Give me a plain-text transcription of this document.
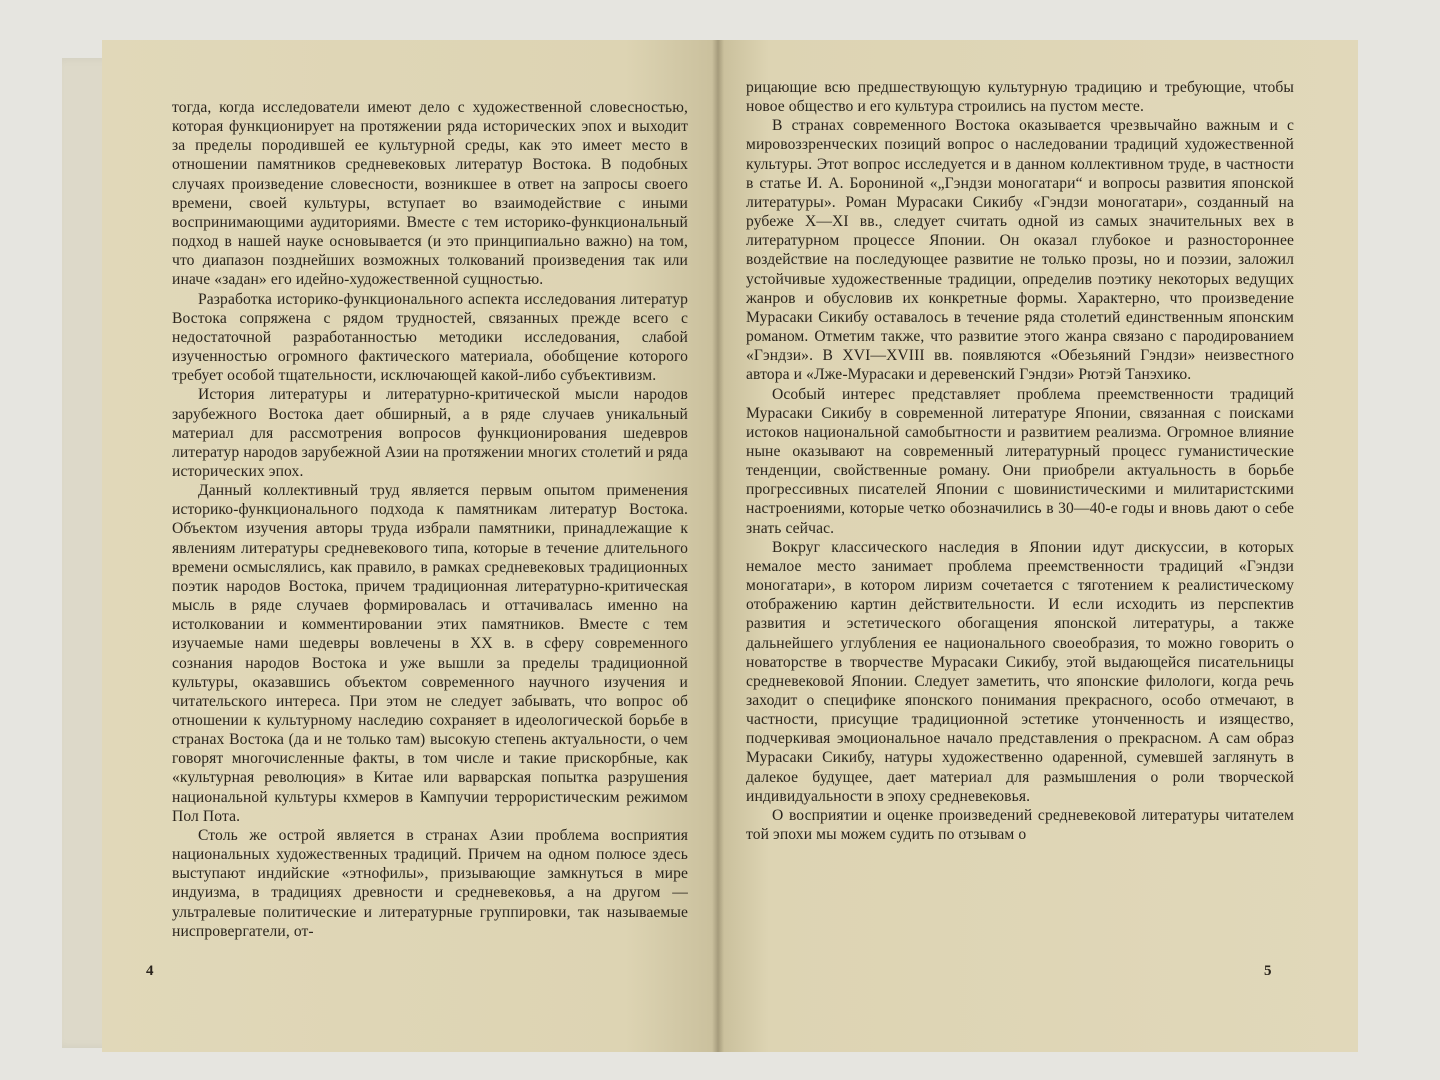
тогда, когда исследователи имеют дело с художественной словесностью, которая функционирует на протяжении ряда исторических эпох и выходит за пределы породившей ее культурной среды, как это имеет место в отношении памятников средневековых литератур Востока. В подобных случаях произведение словесности, возникшее в ответ на запросы своего времени, своей культуры, вступает во взаимодействие с иными воспринимающими аудиториями. Вместе с тем историко-функциональный подход в нашей науке основывается (и это принципиально важно) на том, что диапазон позднейших возможных толкований произведения так или иначе «задан» его идейно-художественной сущностью.

Разработка историко-функционального аспекта исследования литератур Востока сопряжена с рядом трудностей, связанных прежде всего с недостаточной разработанностью методики исследования, слабой изученностью огромного фактического материала, обобщение которого требует особой тщательности, исключающей какой-либо субъективизм.

История литературы и литературно-критической мысли народов зарубежного Востока дает обширный, а в ряде случаев уникальный материал для рассмотрения вопросов функционирования шедевров литератур народов зарубежной Азии на протяжении многих столетий и ряда исторических эпох.

Данный коллективный труд является первым опытом применения историко-функционального подхода к памятникам литератур Востока. Объектом изучения авторы труда избрали памятники, принадлежащие к явлениям литературы средневекового типа, которые в течение длительного времени осмыслялись, как правило, в рамках средневековых традиционных поэтик народов Востока, причем традиционная литературно-критическая мысль в ряде случаев формировалась и оттачивалась именно на истолковании и комментировании этих памятников. Вместе с тем изучаемые нами шедевры вовлечены в XX в. в сферу современного сознания народов Востока и уже вышли за пределы традиционной культуры, оказавшись объектом современного научного изучения и читательского интереса. При этом не следует забывать, что вопрос об отношении к культурному наследию сохраняет в идеологической борьбе в странах Востока (да и не только там) высокую степень актуальности, о чем говорят многочисленные факты, в том числе и такие прискорбные, как «культурная революция» в Китае или варварская попытка разрушения национальной культуры кхмеров в Кампучии террористическим режимом Пол Пота.

Столь же острой является в странах Азии проблема восприятия национальных художественных традиций. Причем на одном полюсе здесь выступают индийские «этнофилы», призывающие замкнуться в мире индуизма, в традициях древности и средневековья, а на другом — ультралевые политические и литературные группировки, так называемые ниспровергатели, от-

4

рицающие всю предшествующую культурную традицию и требующие, чтобы новое общество и его культура строились на пустом месте.

В странах современного Востока оказывается чрезвычайно важным и с мировоззренческих позиций вопрос о наследовании традиций художественной культуры. Этот вопрос исследуется и в данном коллективном труде, в частности в статье И. А. Борониной «„Гэндзи моногатари“ и вопросы развития японской литературы». Роман Мурасаки Сикибу «Гэндзи моногатари», созданный на рубеже X—XI вв., следует считать одной из самых значительных вех в литературном процессе Японии. Он оказал глубокое и разностороннее воздействие на последующее развитие не только прозы, но и поэзии, заложил устойчивые художественные традиции, определив поэтику некоторых ведущих жанров и обусловив их конкретные формы. Характерно, что произведение Мурасаки Сикибу оставалось в течение ряда столетий единственным японским романом. Отметим также, что развитие этого жанра связано с пародированием «Гэндзи». В XVI—XVIII вв. появляются «Обезьяний Гэндзи» неизвестного автора и «Лже-Мурасаки и деревенский Гэндзи» Рютэй Танэхико.

Особый интерес представляет проблема преемственности традиций Мурасаки Сикибу в современной литературе Японии, связанная с поисками истоков национальной самобытности и развитием реализма. Огромное влияние ныне оказывают на современный литературный процесс гуманистические тенденции, свойственные роману. Они приобрели актуальность в борьбе прогрессивных писателей Японии с шовинистическими и милитаристскими настроениями, которые четко обозначились в 30—40-е годы и вновь дают о себе знать сейчас.

Вокруг классического наследия в Японии идут дискуссии, в которых немалое место занимает проблема преемственности традиций «Гэндзи моногатари», в котором лиризм сочетается с тяготением к реалистическому отображению картин действительности. И если исходить из перспектив развития и эстетического обогащения японской литературы, а также дальнейшего углубления ее национального своеобразия, то можно говорить о новаторстве в творчестве Мурасаки Сикибу, этой выдающейся писательницы средневековой Японии. Следует заметить, что японские филологи, когда речь заходит о специфике японского понимания прекрасного, особо отмечают, в частности, присущие традиционной эстетике утонченность и изящество, подчеркивая эмоциональное начало представления о прекрасном. А сам образ Мурасаки Сикибу, натуры художественно одаренной, сумевшей заглянуть в далекое будущее, дает материал для размышления о роли творческой индивидуальности в эпоху средневековья.

О восприятии и оценке произведений средневековой литературы читателем той эпохи мы можем судить по отзывам о

5
